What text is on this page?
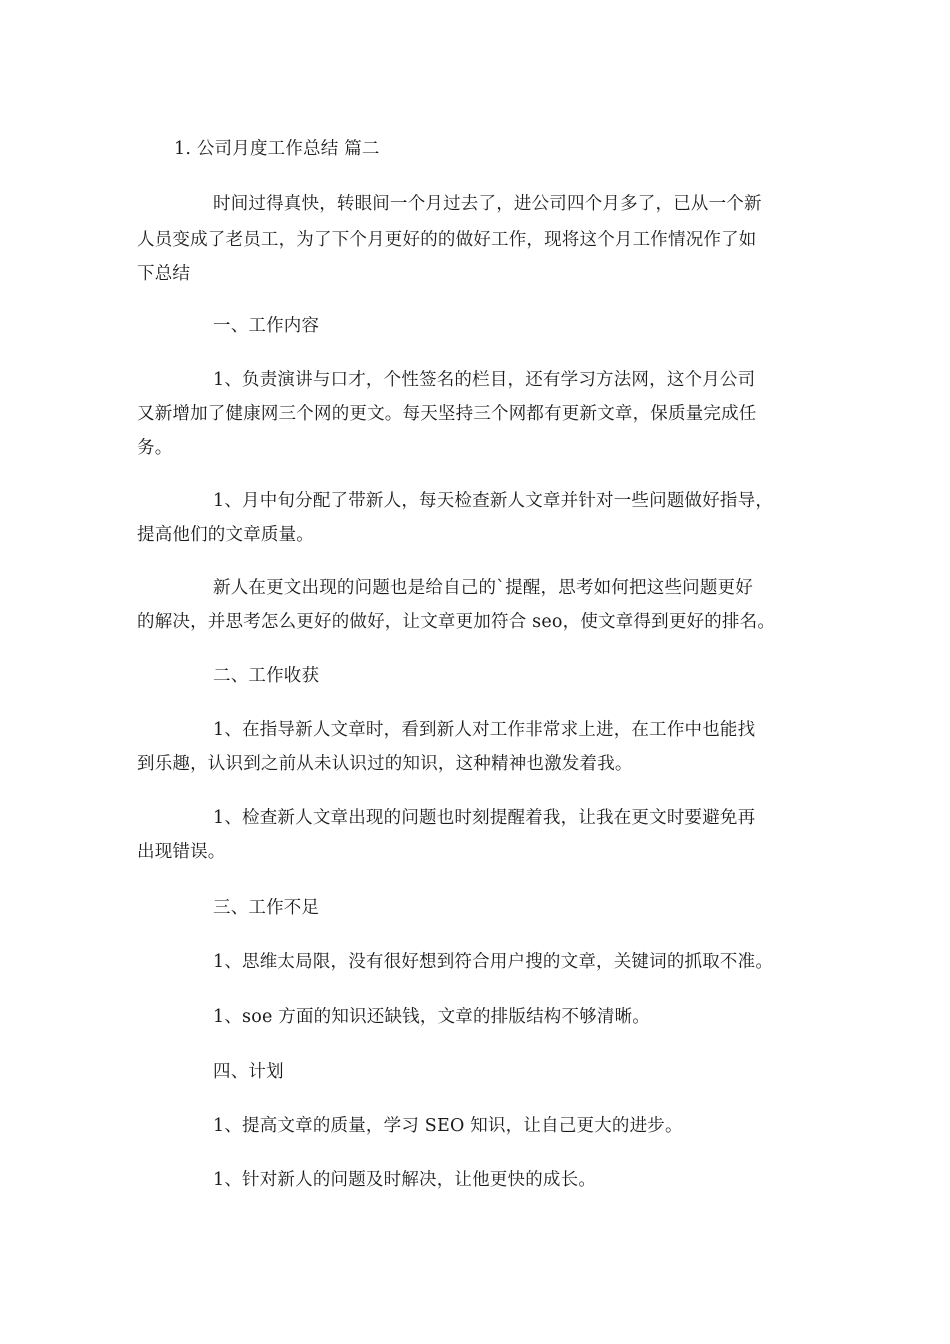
1. 公司月度工作总结 篇二

时间过得真快，转眼间一个月过去了，进公司四个月多了，已从一个新

人员变成了老员工，为了下个月更好的的做好工作，现将这个月工作情况作了如

下总结

一、工作内容

1、负责演讲与口才，个性签名的栏目，还有学习方法网，这个月公司

又新增加了健康网三个网的更文。每天坚持三个网都有更新文章，保质量完成任

务。

1、月中旬分配了带新人，每天检查新人文章并针对一些问题做好指导，

提高他们的文章质量。

新人在更文出现的问题也是给自己的`提醒，思考如何把这些问题更好

的解决，并思考怎么更好的做好，让文章更加符合 seo，使文章得到更好的排名。

二、工作收获

1、在指导新人文章时，看到新人对工作非常求上进，在工作中也能找

到乐趣，认识到之前从未认识过的知识，这种精神也激发着我。

1、检查新人文章出现的问题也时刻提醒着我，让我在更文时要避免再

出现错误。

三、工作不足

1、思维太局限，没有很好想到符合用户搜的文章，关键词的抓取不准。

1、soe 方面的知识还缺钱，文章的排版结构不够清晰。

四、计划

1、提高文章的质量，学习 SEO 知识，让自己更大的进步。

1、针对新人的问题及时解决，让他更快的成长。
